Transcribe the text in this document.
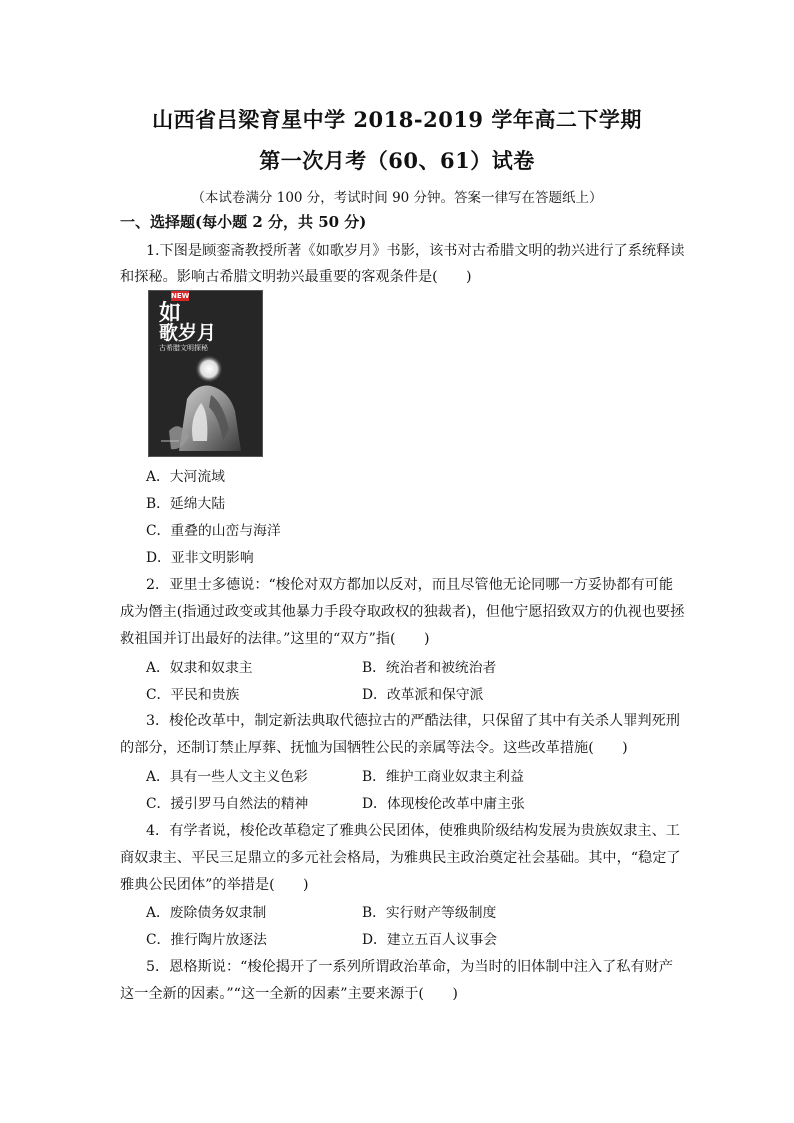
山西省吕梁育星中学 2018-2019 学年高二下学期
第一次月考（60、61）试卷
（本试卷满分 100 分，考试时间 90 分钟。答案一律写在答题纸上）
一、选择题(每小题 2 分，共 50 分)
1.下图是顾銮斋教授所著《如歌岁月》书影，该书对古希腊文明的勃兴进行了系统释读
和探秘。影响古希腊文明勃兴最重要的客观条件是(　　)
NEW
如
歌岁月
古希腊文明探秘
A．大河流域
B．延绵大陆
C．重叠的山峦与海洋
D．亚非文明影响
2．亚里士多德说：“梭伦对双方都加以反对，而且尽管他无论同哪一方妥协都有可能
成为僭主(指通过政变或其他暴力手段夺取政权的独裁者)，但他宁愿招致双方的仇视也要拯
救祖国并订出最好的法律。”这里的“双方”指(　　)
A．奴隶和奴隶主	B．统治者和被统治者
C．平民和贵族	D．改革派和保守派
3．梭伦改革中，制定新法典取代德拉古的严酷法律，只保留了其中有关杀人罪判死刑
的部分，还制订禁止厚葬、抚恤为国牺牲公民的亲属等法令。这些改革措施(　　)
A．具有一些人文主义色彩	B．维护工商业奴隶主利益
C．援引罗马自然法的精神	D．体现梭伦改革中庸主张
4．有学者说，梭伦改革稳定了雅典公民团体，使雅典阶级结构发展为贵族奴隶主、工
商奴隶主、平民三足鼎立的多元社会格局，为雅典民主政治奠定社会基础。其中，“稳定了
雅典公民团体”的举措是(　　)
A．废除债务奴隶制	B．实行财产等级制度
C．推行陶片放逐法	D．建立五百人议事会
5．恩格斯说：“梭伦揭开了一系列所谓政治革命，为当时的旧体制中注入了私有财产
这一全新的因素。”“这一全新的因素”主要来源于(　　)
